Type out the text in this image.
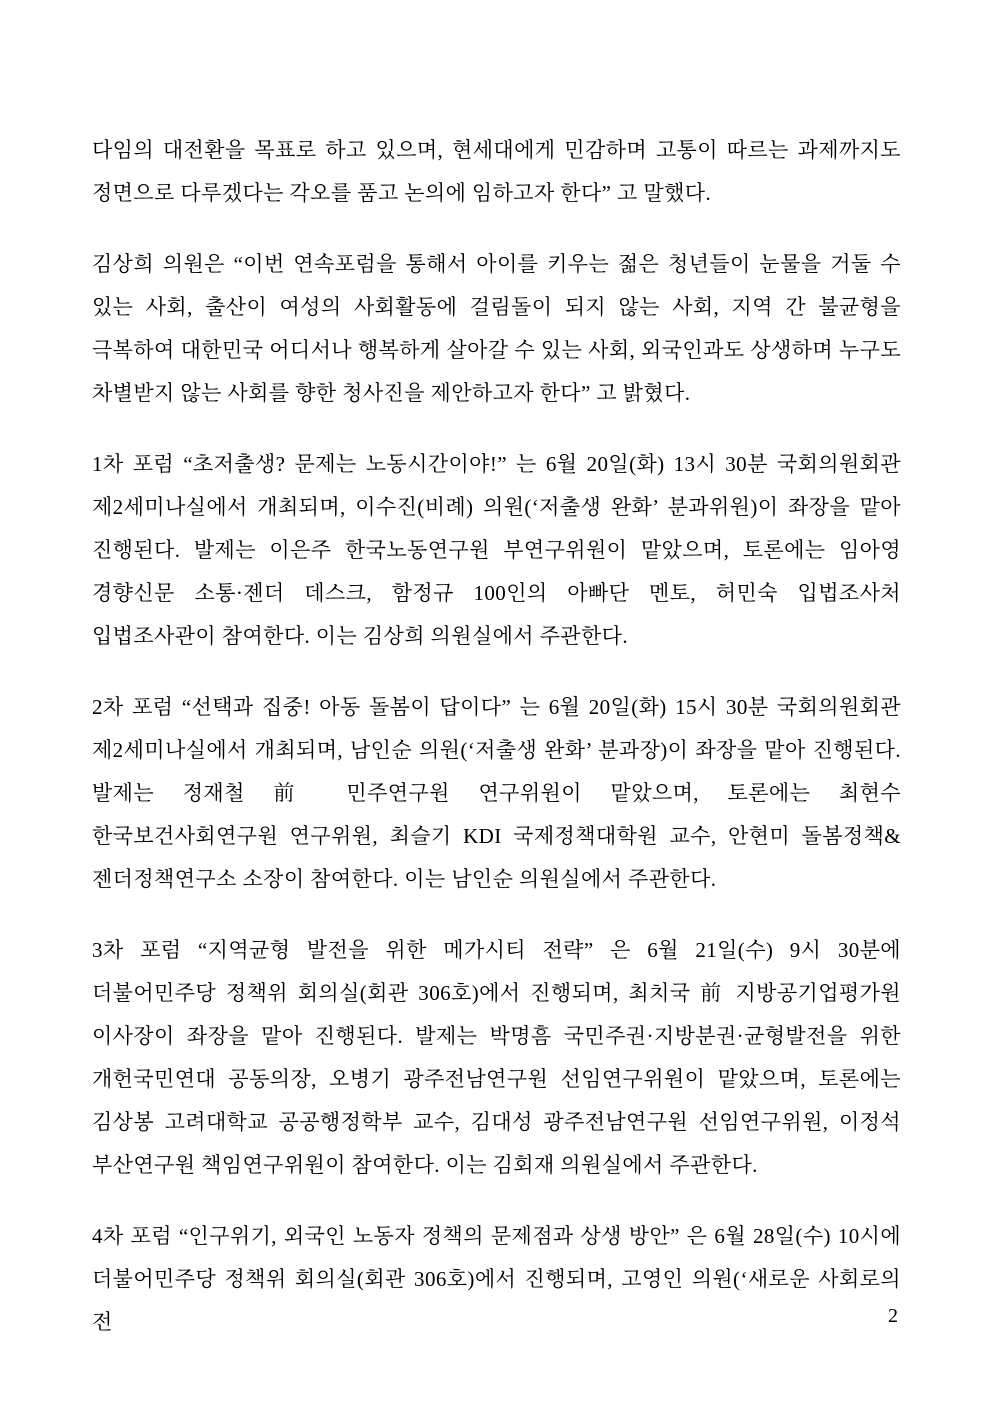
다임의 대전환을 목표로 하고 있으며, 현세대에게 민감하며 고통이 따르는 과제까지도 정면으로 다루겠다는 각오를 품고 논의에 임하고자 한다” 고 말했다.

김상희 의원은 “이번 연속포럼을 통해서 아이를 키우는 젊은 청년들이 눈물을 거둘 수 있는 사회, 출산이 여성의 사회활동에 걸림돌이 되지 않는 사회, 지역 간 불균형을 극복하여 대한민국 어디서나 행복하게 살아갈 수 있는 사회, 외국인과도 상생하며 누구도 차별받지 않는 사회를 향한 청사진을 제안하고자 한다” 고 밝혔다.

1차 포럼 “초저출생? 문제는 노동시간이야!” 는 6월 20일(화) 13시 30분 국회의원회관 제2세미나실에서 개최되며, 이수진(비례) 의원(‘저출생 완화’ 분과위원)이 좌장을 맡아 진행된다. 발제는 이은주 한국노동연구원 부연구위원이 맡았으며, 토론에는 임아영 경향신문 소통·젠더 데스크, 함정규 100인의 아빠단 멘토, 허민숙 입법조사처 입법조사관이 참여한다. 이는 김상희 의원실에서 주관한다.

2차 포럼 “선택과 집중! 아동 돌봄이 답이다” 는 6월 20일(화) 15시 30분 국회의원회관 제2세미나실에서 개최되며, 남인순 의원(‘저출생 완화’ 분과장)이 좌장을 맡아 진행된다. 발제는 정재철 前 민주연구원 연구위원이 맡았으며, 토론에는 최현수 한국보건사회연구원 연구위원, 최슬기 KDI 국제정책대학원 교수, 안현미 돌봄정책&젠더정책연구소 소장이 참여한다. 이는 남인순 의원실에서 주관한다.

3차 포럼 “지역균형 발전을 위한 메가시티 전략” 은 6월 21일(수) 9시 30분에 더불어민주당 정책위 회의실(회관 306호)에서 진행되며, 최치국 前 지방공기업평가원 이사장이 좌장을 맡아 진행된다. 발제는 박명흠 국민주권·지방분권·균형발전을 위한 개헌국민연대 공동의장, 오병기 광주전남연구원 선임연구위원이 맡았으며, 토론에는 김상봉 고려대학교 공공행정학부 교수, 김대성 광주전남연구원 선임연구위원, 이정석 부산연구원 책임연구위원이 참여한다. 이는 김회재 의원실에서 주관한다.

4차 포럼 “인구위기, 외국인 노동자 정책의 문제점과 상생 방안” 은 6월 28일(수) 10시에 더불어민주당 정책위 회의실(회관 306호)에서 진행되며, 고영인 의원(‘새로운 사회로의 전	2
